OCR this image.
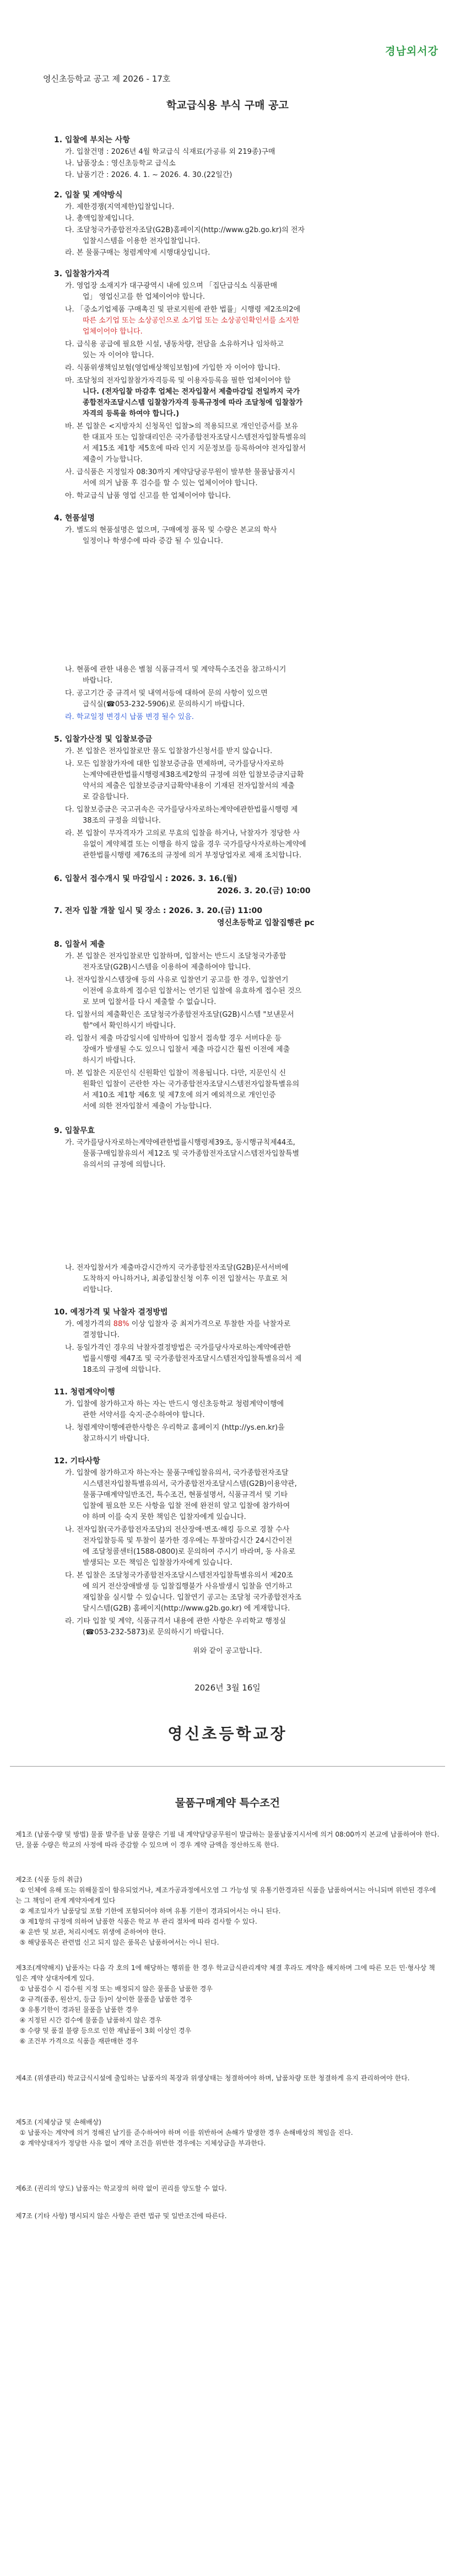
경남외서강
영신초등학교 공고 제 2026 - 17호
학교급식용 부식 구매 공고
1. 입찰에 부치는 사항
가. 입찰건명 : 2026년 4월 학교급식 식재료(가공류 외 219종)구매
나. 납품장소 : 영신초등학교 급식소
다. 납품기간 : 2026. 4. 1. ~ 2026. 4. 30.(22일간)
2. 입찰 및 계약방식
가. 제한경쟁(지역제한)입찰입니다.
나. 총액입찰제입니다.
다. 조달청국가종합전자조달(G2B)홈페이지(http://www.g2b.go.kr)의 전자
입찰시스템을 이용한 전자입찰입니다.
라. 본 물품구매는 청렴계약제 시행대상입니다.
3. 입찰참가자격
가. 영업장 소재지가 대구광역시 내에 있으며 「집단급식소 식품판매
업」 영업신고를 한 업체이어야 합니다.
나. 「중소기업제품 구매촉진 및 판로지원에 관한 법률」시행령 제2조의2에
따른 소기업 또는 소상공인으로 소기업 또는 소상공인확인서를 소지한
업체이어야 합니다.
다. 급식용 공급에 필요한 시설, 냉동차량, 전담을 소유하거나 임차하고
있는 자 이어야 합니다.
라. 식품위생책임보험(영업배상책임보험)에 가입한 자 이어야 합니다.
마. 조달청의 전자입찰참가자격등록 및 이용자등록을 필한 업체이어야 합
니다. (전자입찰 마감후 업체는 전자입찰서 제출마감일 전일까지 국가
종합전자조달시스템 입찰참가자격 등록규정에 따라 조달청에 입찰참가
자격의 등록을 하여야 합니다.)
바. 본 입찰은 <지방자치 신청목인 입찰>의 적용되므로 개인인증서를 보유
한 대표자 또는 입찰대리인은 국가종합전자조달시스템전자입찰특별유의
서 제15조 제1항 제5호에 따라 인지 지문정보를 등록하여야 전자입찰서
제출이 가능합니다.
사. 급식품은 지정일자 08:30까지 계약담당공무원이 발부한 물품납품지시
서에 의거 납품 후 검수를 할 수 있는 업체이어야 합니다.
아. 학교급식 납품 영업 신고를 한 업체이어야 합니다.
4. 현품설명
가. 별도의 현품설명은 없으며, 구매예정 품목 및 수량은 본교의 학사
일정이나 학생수에 따라 증감 될 수 있습니다.
나. 현품에 관한 내용은 별첨 식품규격서 및 계약특수조건을 참고하시기
바랍니다.
다. 공고기간 중 규격서 및 내역서등에 대하여 문의 사항이 있으면
급식실(☎053-232-5906)로 문의하시기 바랍니다.
라. 학교일정 변경시 납품 변경 될수 있음.
5. 입찰가산정 및 입찰보증금
가. 본 입찰은 전자입찰로만 물도 입찰참가신청서를 받지 않습니다.
나. 모든 입찰참가자에 대한 입찰보증금을 면제하며, 국가를당사자로하
는계약에관한법률시행령제38조제2항의 규정에 의한 입찰보증금지급확
약서의 제출은 입찰보증금지급확약내용이 기재된 전자입찰서의 제출
로 갈음합니다.
다. 입찰보증금은 국고귀속은 국가를당사자로하는계약에관한법률시행령 제
38조의 규정을 의합니다.
라. 본 입찰이 무자격자가 고의로 무효의 입찰을 하거나, 낙찰자가 정당한 사
유없이 계약체결 또는 이행을 하지 않을 경우 국가를당사자로하는계약에
관한법률시행령 제76조의 규정에 의거 부정당업자로 제재 조치합니다.
6. 입찰서 접수개시 및 마감일시 : 2026. 3. 16.(월)
2026. 3. 20.(금) 10:00
7. 전자 입찰 개찰 일시 및 장소 : 2026. 3. 20.(금) 11:00
영신초등학교 입찰집행관 pc
8. 입찰서 제출
가. 본 입찰은 전자입찰로만 입찰하며, 입찰서는 반드시 조달청국가종합
전자조달(G2B)시스템을 이용하여 제출하여야 합니다.
나. 전자입찰시스템장애 등의 사유로 입찰연기 공고를 한 경우, 입찰연기
이전에 유효하게 접수된 입찰서는 연기된 입찰에 유효하게 접수된 것으
로 보며 입찰서를 다시 제출할 수 없습니다.
다. 입찰서의 제출확인은 조달청국가종합전자조달(G2B)시스템 "보낸문서
함"에서 확인하시기 바랍니다.
라. 입찰서 제출 마감일시에 임박하여 입찰서 접속할 경우 서버다운 등
장애가 발생될 수도 있으니 입찰서 제출 마감시간 훨씬 이전에 제출
하시기 바랍니다.
마. 본 입찰은 지문인식 신원확인 입찰이 적용됩니다. 다만, 지문인식 신
원확인 입찰이 곤란한 자는 국가종합전자조달시스템전자입찰특별유의
서 제10조 제1항 제6호 및 제7호에 의거 예외적으로 개인인증
서에 의한 전자입찰서 제출이 가능합니다.
9. 입찰무효
가. 국가를당사자로하는계약에관한법률시행령제39조, 동시행규칙제44조,
물품구매입찰유의서 제12조 및 국가종합전자조달시스템전자입찰특별
유의서의 규정에 의합니다.
나. 전자입찰서가 제출마감시간까지 국가종합전자조달(G2B)문서서버에
도착하지 아니하거나, 최종입찰신청 이후 이전 입찰서는 무효로 처
리합니다.
10. 예정가격 및 낙찰자 결정방법
가. 예정가격의 88% 이상 입찰자 중 최저가격으로 투찰한 자를 낙찰자로
결정합니다.
나. 동일가격인 경우의 낙찰자결정방법은 국가를당사자로하는계약에관한
법률시행령 제47조 및 국가종합전자조달시스템전자입찰특별유의서 제
18조의 규정에 의합니다.
11. 청렴계약이행
가. 입찰에 참가하고자 하는 자는 반드시 영신초등학교 청렴계약이행에
관한 서약서를 숙지·준수하여야 합니다.
나. 청렴계약이행에관한사항은 우리학교 홈페이지 (http://ys.en.kr)을
참고하시기 바랍니다.
12. 기타사항
가. 입찰에 참가하고자 하는자는 물품구매입찰유의서, 국가종합전자조달
시스템전자입찰특별유의서, 국가종합전자조달시스템(G2B)이용약관,
물품구매계약일반조건, 특수조건, 현품설명서, 식품규격서 및 기타
입찰에 필요한 모든 사항을 입찰 전에 완전히 알고 입찰에 참가하여
야 하며 이를 숙지 못한 책임은 입찰자에게 있습니다.
나. 전자입찰(국가종합전자조달)의 전산장애·변조·해킹 등으로 경찰 수사
전자입찰등록 및 투찰이 불가한 경우에는 투찰마감시간 24시간이전
에 조달청콜센터(1588-0800)로 문의하여 주시기 바라며, 동 사유로
발생되는 모든 책임은 입찰참가자에게 있습니다.
다. 본 입찰은 조달청국가종합전자조달시스템전자입찰특별유의서 제20조
에 의거 전산장애발생 등 입찰집행불가 사유발생시 입찰을 연기하고
재입찰을 실시할 수 있습니다. 입찰연기 공고는 조달청 국가종합전자조
달시스템(G2B) 홈페이지(http://www.g2b.go.kr) 에 게재합니다.
라. 기타 입찰 및 계약, 식품규격서 내용에 관한 사항은 우리학교 행정실
(☎053-232-5873)로 문의하시기 바랍니다.
위와 같이 공고합니다.
2026년 3월 16일
영신초등학교장
물품구매계약 특수조건
제1조 (납품수량 및 방법) 물품 발주를 납품 물량은 기필 내 계약담당공무원이 발급하는 물품납품지시서에 의거 08:00까지 본교에 납품하여야 한다. 단, 물품 수량은 학교의 사정에 따라 증감할 수 있으며 이 경우 계약 금액을 정산하도록 한다.
제2조 (식품 등의 취급)
① 인체에 유해 또는 위해물질이 함유되었거나, 제조가공과정에서오염 그 가능성 및 유통기한경과된 식품을 납품하여서는 아니되며 위반된 경우에는 그 책임이 관계 계약자에게 있다
② 제조일자가 납품당일 포함 기한에 포함되어야 하며 유통 기한이 경과되어서는 아니 된다.
③ 제1항의 규정에 의하여 납품한 식품은 학교 부 관리 절차에 따라 검사할 수 있다.
④ 운반 및 보관, 처리시에도 위생에 준하여야 한다.
⑤ 해당품목은 관련법 신고 되지 않은 품목은 납품하여서는 아니 된다.
제3조(계약해지) 납품자는 다음 각 호의 1에 해당하는 행위를 한 경우 학교급식관리계약 체결 후라도 계약을 해지하며 그에 따른 모든 민·형사상 책임은 계약 상대자에게 있다.
① 납품검수 시 검수원 지정 또는 배정되지 않은 물품을 납품한 경우
② 규격(품종, 원산지, 등급 등)이 상이한 물품을 납품한 경우
③ 유통기한이 경과된 물품을 납품한 경우
④ 지정된 시간 검수에 물품을 납품하지 않은 경우
⑤ 수량 및 품질 불량 등으로 인한 재납품이 3회 이상인 경우
⑥ 조건부 가격으로 식품을 재판매한 경우
제4조 (위생관리) 학교급식시설에 출입하는 납품자의 복장과 위생상태는 청결하여야 하며, 납품차량 또한 청결하게 유지 관리하여야 한다.
제5조 (지체상금 및 손해배상)
① 납품자는 계약에 의거 정해진 납기를 준수하여야 하며 이를 위반하여 손해가 발생한 경우 손해배상의 책임을 진다.
② 계약상대자가 정당한 사유 없이 계약 조건을 위반한 경우에는 지체상금을 부과한다.
제6조 (권리의 양도) 납품자는 학교장의 허락 없이 권리를 양도할 수 없다.
제7조 (기타 사항) 명시되지 않은 사항은 관련 법규 및 일반조건에 따른다.
